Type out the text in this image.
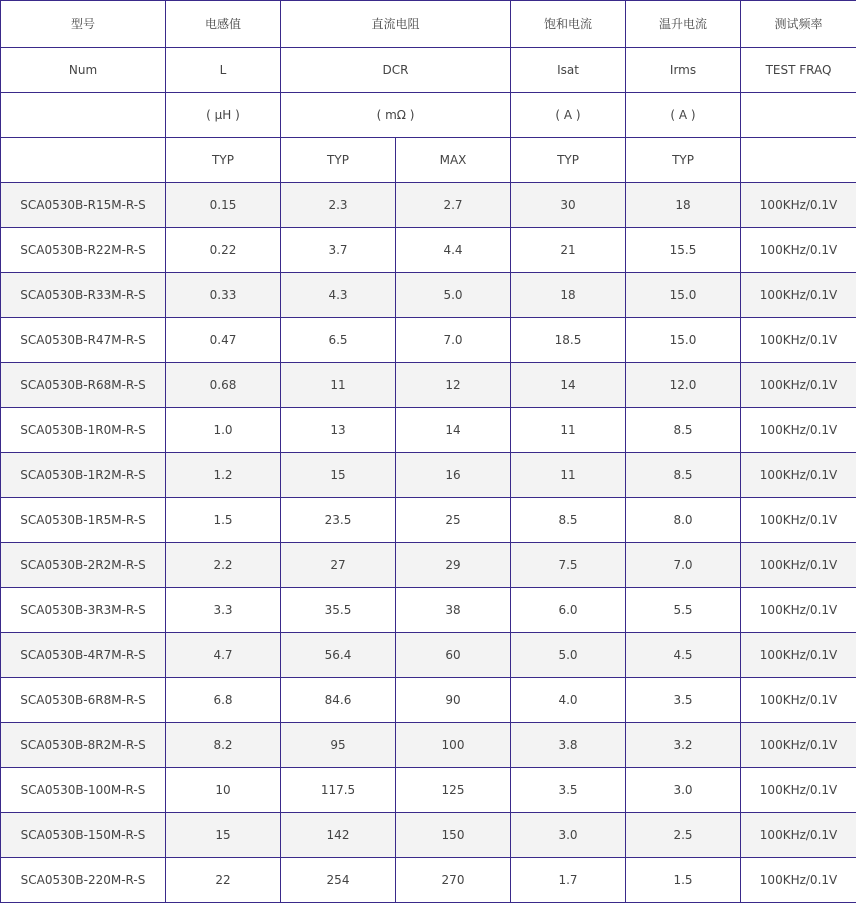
型号	电感值	直流电阻		饱和电流	温升电流	测试频率
Num	L	DCR		Isat	Irms	TEST FRAQ
	( μH )	( mΩ )		( A )	( A )	
	TYP	TYP	MAX	TYP	TYP	
SCA0530B-R15M-R-S	0.15	2.3	2.7	30	18	100KHz/0.1V
SCA0530B-R22M-R-S	0.22	3.7	4.4	21	15.5	100KHz/0.1V
SCA0530B-R33M-R-S	0.33	4.3	5.0	18	15.0	100KHz/0.1V
SCA0530B-R47M-R-S	0.47	6.5	7.0	18.5	15.0	100KHz/0.1V
SCA0530B-R68M-R-S	0.68	11	12	14	12.0	100KHz/0.1V
SCA0530B-1R0M-R-S	1.0	13	14	11	8.5	100KHz/0.1V
SCA0530B-1R2M-R-S	1.2	15	16	11	8.5	100KHz/0.1V
SCA0530B-1R5M-R-S	1.5	23.5	25	8.5	8.0	100KHz/0.1V
SCA0530B-2R2M-R-S	2.2	27	29	7.5	7.0	100KHz/0.1V
SCA0530B-3R3M-R-S	3.3	35.5	38	6.0	5.5	100KHz/0.1V
SCA0530B-4R7M-R-S	4.7	56.4	60	5.0	4.5	100KHz/0.1V
SCA0530B-6R8M-R-S	6.8	84.6	90	4.0	3.5	100KHz/0.1V
SCA0530B-8R2M-R-S	8.2	95	100	3.8	3.2	100KHz/0.1V
SCA0530B-100M-R-S	10	117.5	125	3.5	3.0	100KHz/0.1V
SCA0530B-150M-R-S	15	142	150	3.0	2.5	100KHz/0.1V
SCA0530B-220M-R-S	22	254	270	1.7	1.5	100KHz/0.1V
